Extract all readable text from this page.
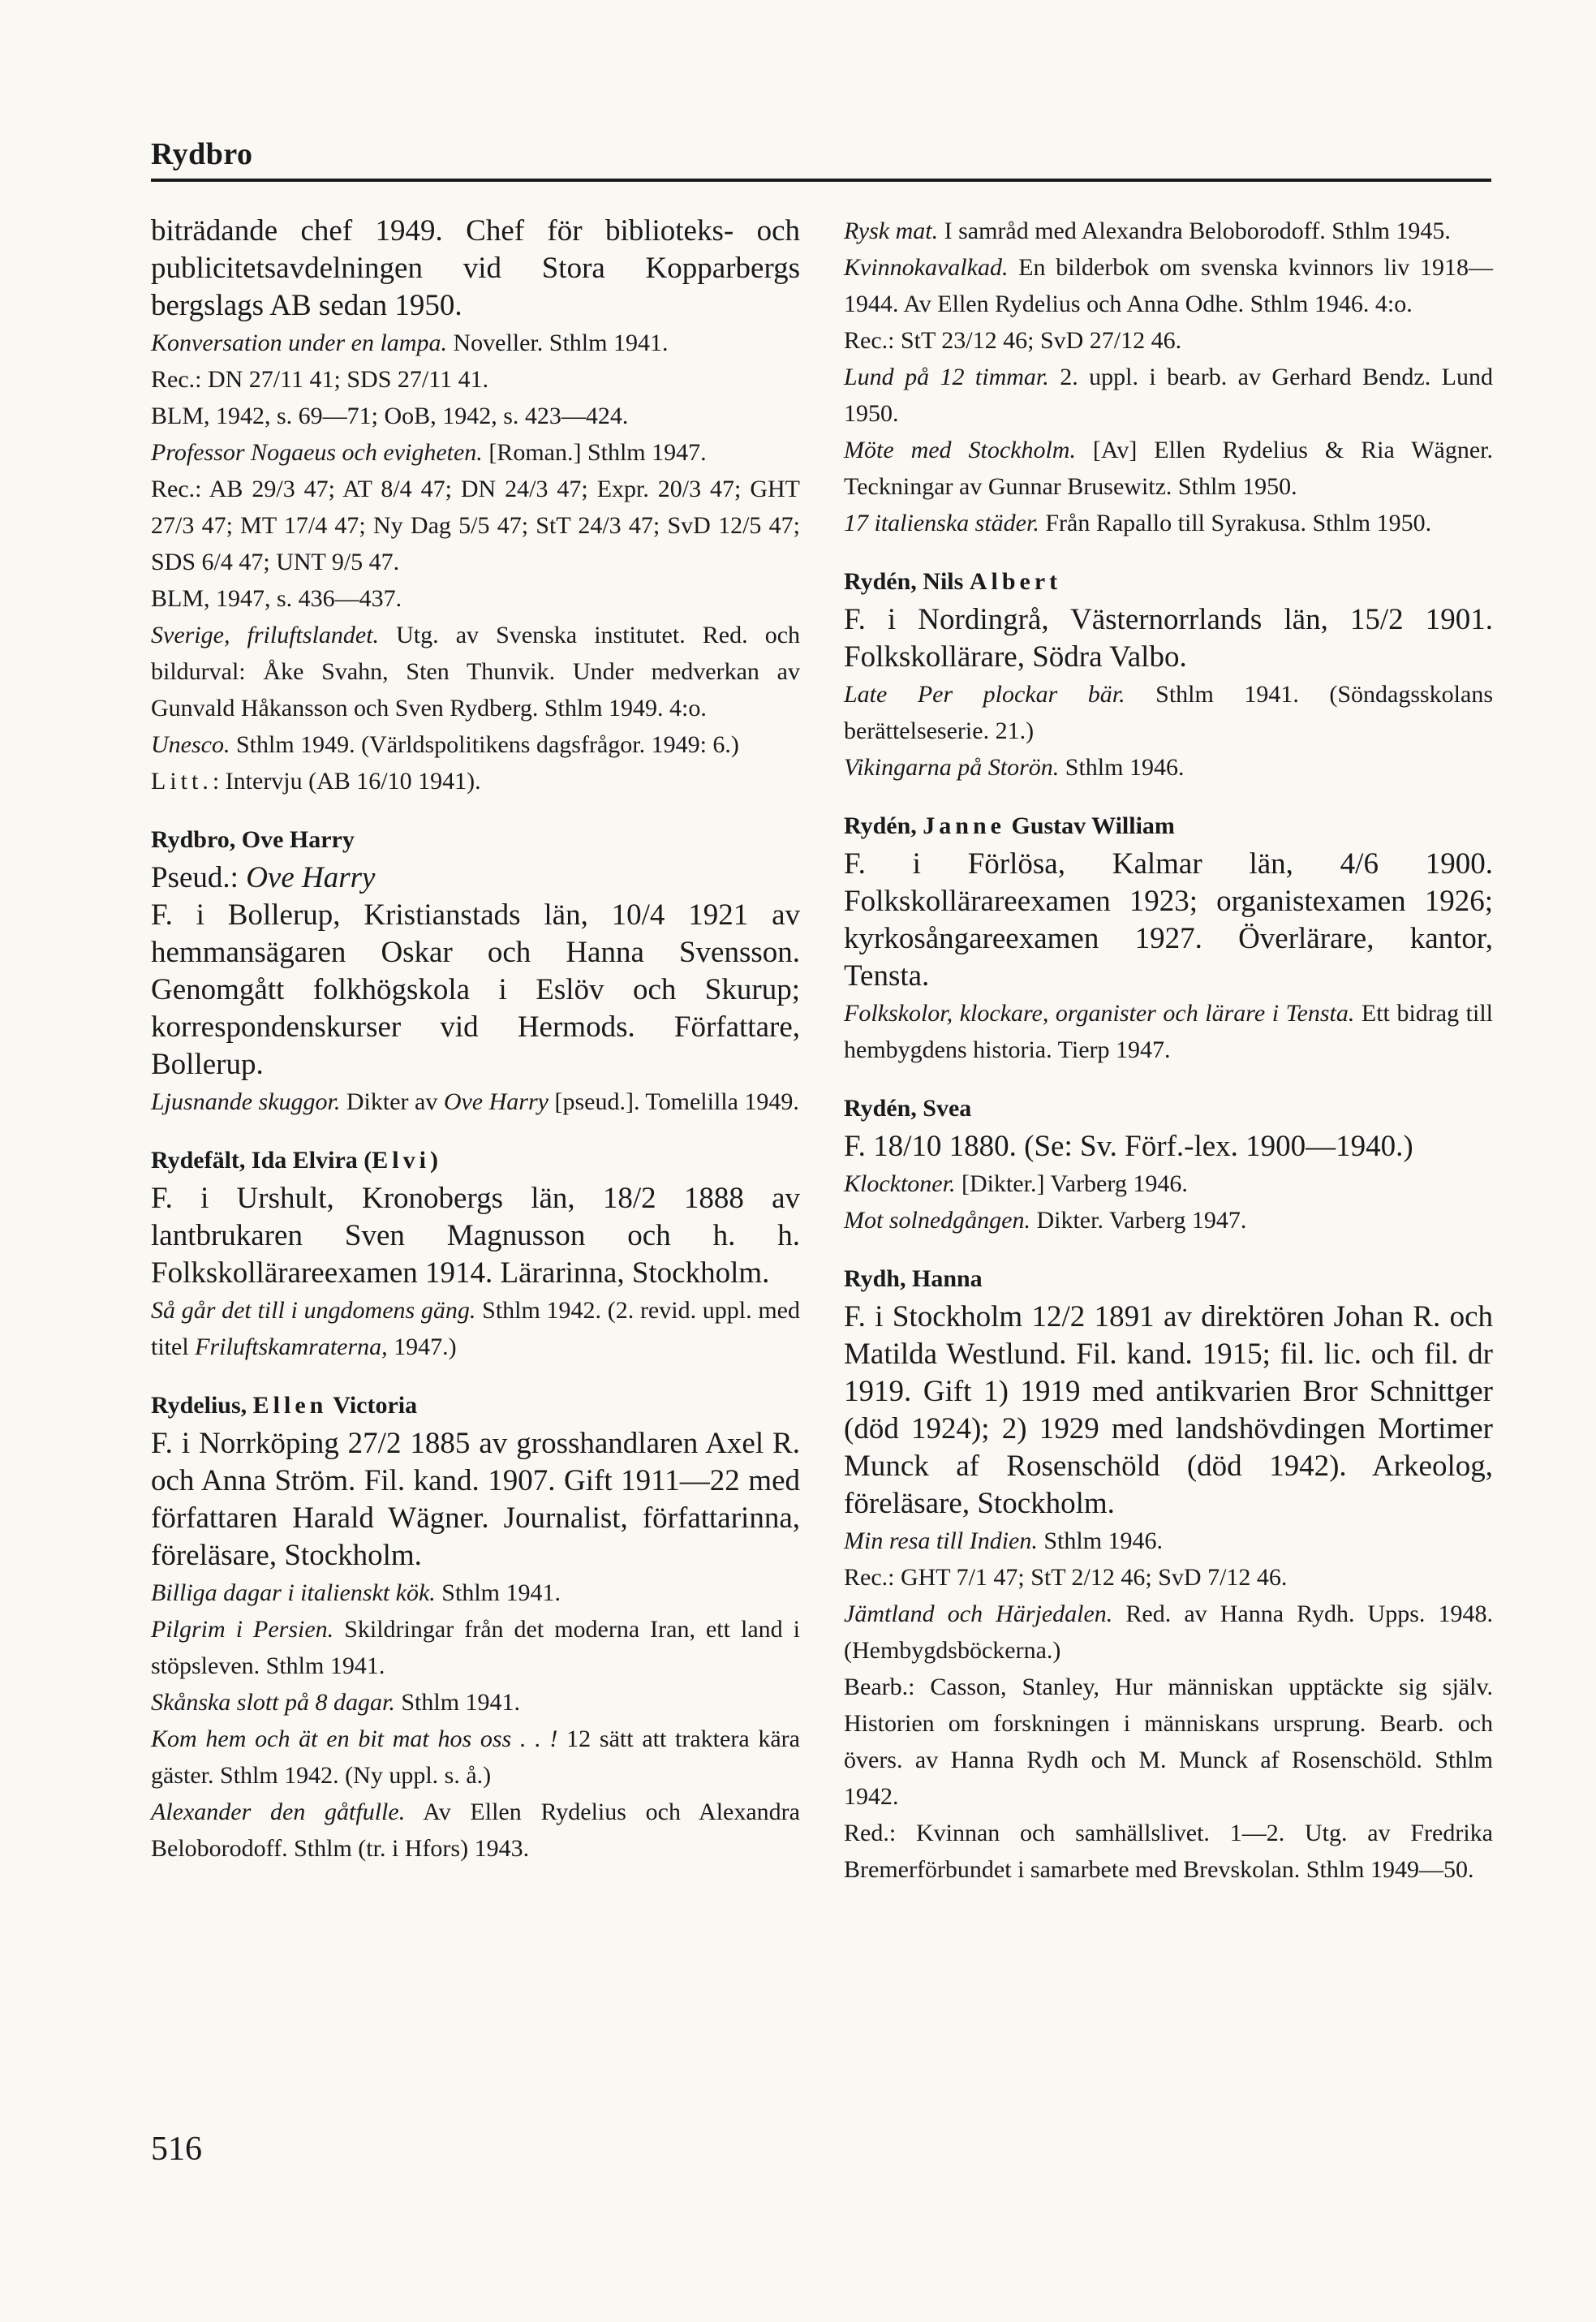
Rydbro
biträdande chef 1949. Chef för biblioteks- och publicitetsavdelningen vid Stora Kopparbergs bergslags AB sedan 1950.
Konversation under en lampa. Noveller. Sthlm 1941.
Rec.: DN 27/11 41; SDS 27/11 41.
BLM, 1942, s. 69—71; OoB, 1942, s. 423—424.
Professor Nogaeus och evigheten. [Roman.] Sthlm 1947.
Rec.: AB 29/3 47; AT 8/4 47; DN 24/3 47; Expr. 20/3 47; GHT 27/3 47; MT 17/4 47; Ny Dag 5/5 47; StT 24/3 47; SvD 12/5 47; SDS 6/4 47; UNT 9/5 47.
BLM, 1947, s. 436—437.
Sverige, friluftslandet. Utg. av Svenska institutet. Red. och bildurval: Åke Svahn, Sten Thunvik. Under medverkan av Gunvald Håkansson och Sven Rydberg. Sthlm 1949. 4:o.
Unesco. Sthlm 1949. (Världspolitikens dagsfrågor. 1949: 6.)
Litt.: Intervju (AB 16/10 1941).
Rydbro, Ove Harry
Pseud.: Ove Harry
F. i Bollerup, Kristianstads län, 10/4 1921 av hemmansägaren Oskar och Hanna Svensson. Genomgått folkhögskola i Eslöv och Skurup; korrespondenskurser vid Hermods. Författare, Bollerup.
Ljusnande skuggor. Dikter av Ove Harry [pseud.]. Tomelilla 1949.
Rydefält, Ida Elvira (Elvi)
F. i Urshult, Kronobergs län, 18/2 1888 av lantbrukaren Sven Magnusson och h. h. Folkskollärareexamen 1914. Lärarinna, Stockholm.
Så går det till i ungdomens gäng. Sthlm 1942. (2. revid. uppl. med titel Friluftskamraterna, 1947.)
Rydelius, Ellen Victoria
F. i Norrköping 27/2 1885 av grosshandlaren Axel R. och Anna Ström. Fil. kand. 1907. Gift 1911—22 med författaren Harald Wägner. Journalist, författarinna, föreläsare, Stockholm.
Billiga dagar i italienskt kök. Sthlm 1941.
Pilgrim i Persien. Skildringar från det moderna Iran, ett land i stöpsleven. Sthlm 1941.
Skånska slott på 8 dagar. Sthlm 1941.
Kom hem och ät en bit mat hos oss . . ! 12 sätt att traktera kära gäster. Sthlm 1942. (Ny uppl. s. å.)
Alexander den gåtfulle. Av Ellen Rydelius och Alexandra Beloborodoff. Sthlm (tr. i Hfors) 1943.
Rysk mat. I samråd med Alexandra Beloborodoff. Sthlm 1945.
Kvinnokavalkad. En bilderbok om svenska kvinnors liv 1918—1944. Av Ellen Rydelius och Anna Odhe. Sthlm 1946. 4:o.
Rec.: StT 23/12 46; SvD 27/12 46.
Lund på 12 timmar. 2. uppl. i bearb. av Gerhard Bendz. Lund 1950.
Möte med Stockholm. [Av] Ellen Rydelius & Ria Wägner. Teckningar av Gunnar Brusewitz. Sthlm 1950.
17 italienska städer. Från Rapallo till Syrakusa. Sthlm 1950.
Rydén, Nils Albert
F. i Nordingrå, Västernorrlands län, 15/2 1901. Folkskollärare, Södra Valbo.
Late Per plockar bär. Sthlm 1941. (Söndagsskolans berättelseserie. 21.)
Vikingarna på Storön. Sthlm 1946.
Rydén, Janne Gustav William
F. i Förlösa, Kalmar län, 4/6 1900. Folkskollärareexamen 1923; organistexamen 1926; kyrkosångareexamen 1927. Överlärare, kantor, Tensta.
Folkskolor, klockare, organister och lärare i Tensta. Ett bidrag till hembygdens historia. Tierp 1947.
Rydén, Svea
F. 18/10 1880. (Se: Sv. Förf.-lex. 1900—1940.)
Klocktoner. [Dikter.] Varberg 1946.
Mot solnedgången. Dikter. Varberg 1947.
Rydh, Hanna
F. i Stockholm 12/2 1891 av direktören Johan R. och Matilda Westlund. Fil. kand. 1915; fil. lic. och fil. dr 1919. Gift 1) 1919 med antikvarien Bror Schnittger (död 1924); 2) 1929 med landshövdingen Mortimer Munck af Rosenschöld (död 1942). Arkeolog, föreläsare, Stockholm.
Min resa till Indien. Sthlm 1946.
Rec.: GHT 7/1 47; StT 2/12 46; SvD 7/12 46.
Jämtland och Härjedalen. Red. av Hanna Rydh. Upps. 1948. (Hembygdsböckerna.)
Bearb.: Casson, Stanley, Hur människan upptäckte sig själv. Historien om forskningen i människans ursprung. Bearb. och övers. av Hanna Rydh och M. Munck af Rosenschöld. Sthlm 1942.
Red.: Kvinnan och samhällslivet. 1—2. Utg. av Fredrika Bremerförbundet i samarbete med Brevskolan. Sthlm 1949—50.
516
